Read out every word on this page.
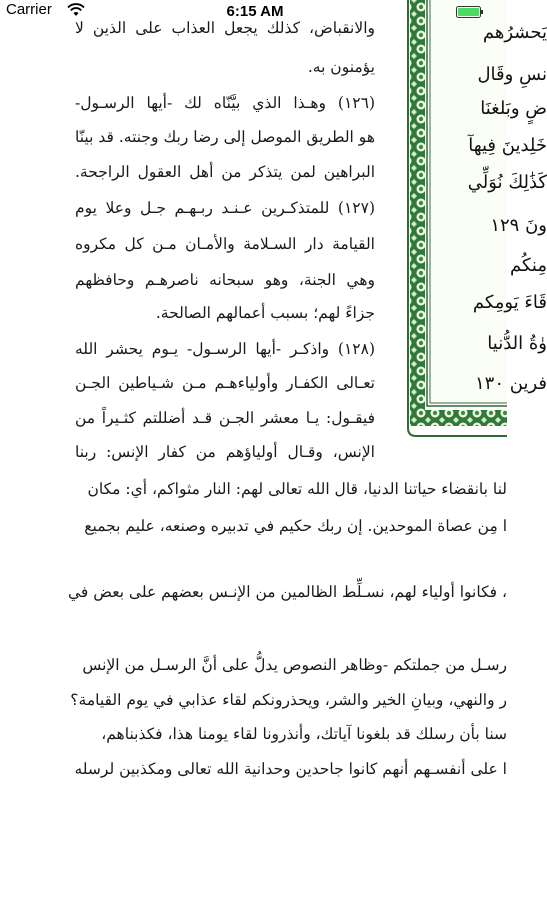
Carrier	6:15 AM
يَحشرُهم
نسِ وقَال
ضٍ وبَلغنَا
خَلِدينَ فِيهآ
كَذَٰلِكَ نُوَلِّي
ونَ ١٢٩
مِنكُم
قَاءَ يَومِكم
وٰةُ الدُّنيا
فرين ١٣٠
والانقباض، كذلك يجعل العذاب على الذين لا
يؤمنون به.
(١٢٦) وهـذا الذي بيَّنّاه لك -أيها الرسـول-
هو الطريق الموصل إلى رضا ربك وجنته. قد بينّا
البراهين لمن يتذكر من أهل العقول الراجحة.
(١٢٧) للمتذكـرين عـنـد ربـهـم جـل وعلا يوم
القيامة دار السـلامة والأمـان مـن كل مكروه
وهي الجنة، وهو سبحانه ناصرهـم وحافظهم
جزاءً لهم؛ بسبب أعمالهم الصالحة.
(١٢٨) واذكـر -أيها الرسـول- يـوم يحشر الله
تعـالى الكفـار وأولياءهـم مـن شـياطين الجـن
فيقـول: يـا معشر الجـن قـد أضللتم كثـيراً من
الإنس، وقـال أولياؤهم من كفار الإنس: ربنا
لنا بانقضاء حياتنا الدنيا، قال الله تعالى لهم: النار مثواكم، أي: مكان
ا مِن عصاة الموحدين. إن ربك حكيم في تدبيره وصنعه، عليم بجميع
، فكانوا أولياء لهم، نسـلِّط الظالمين من الإنـس بعضهم على بعض في
رسـل من جملتكم -وظاهر النصوص يدلُّ على أنَّ الرسـل من الإنس
ر والنهي، وبيانِ الخير والشر، ويحذرونكم لقاء عذابي في يوم القيامة؟
سنا بأن رسلك قد بلغونا آياتك، وأنذرونا لقاء يومنا هذا، فكذبناهم،
ا على أنفسـهم أنهم كانوا جاحدين وحدانية الله تعالى ومكذبين لرسله
